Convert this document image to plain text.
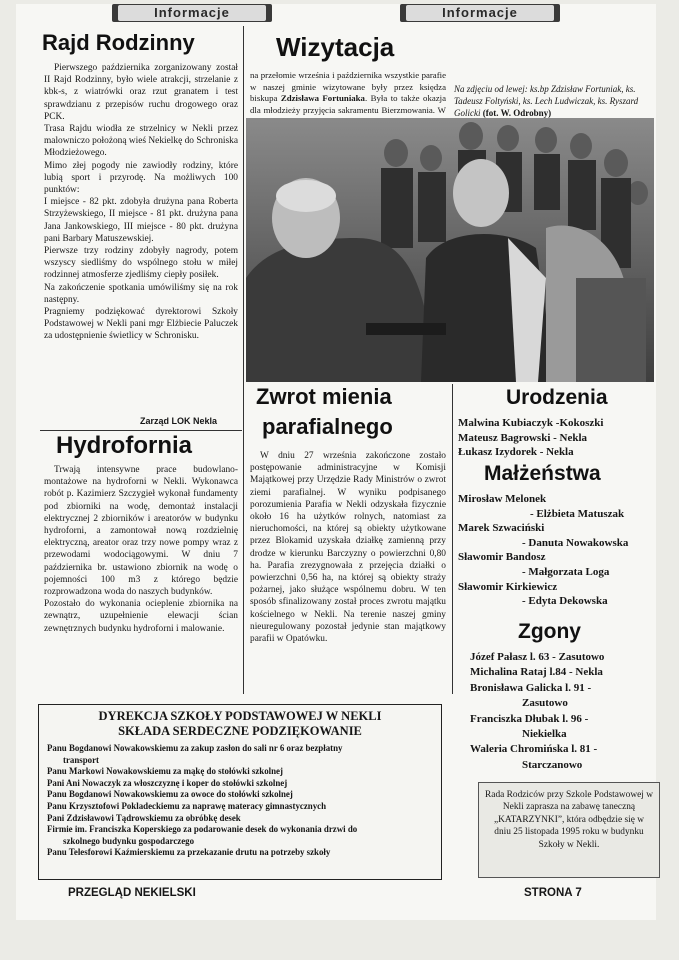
Informacje	Informacje
Rajd Rodzinny

Pierwszego października zorganizowany został II Rajd Rodzinny, było wiele atrakcji, strzelanie z kbk-s, z wiatrówki oraz rzut granatem i test sprawdzianu z przepisów ruchu drogowego oraz PCK.

Trasa Rajdu wiodła ze strzelnicy w Nekli przez malowniczo położoną wieś Nekielkę do Schroniska Młodzieżowego.

Mimo złej pogody nie zawiodły rodziny, które lubią sport i przyrodę. Na możliwych 100 punktów:

I miejsce - 82 pkt. zdobyła drużyna pana Roberta Strzyżewskiego, II miejsce - 81 pkt. drużyna pana Jana Jankowskiego, III miejsce - 80 pkt. drużyna pani Barbary Matuszewskiej.

Pierwsze trzy rodziny zdobyły nagrody, potem wszyscy siedliśmy do wspólnego stołu w miłej rodzinnej atmosferze zjedliśmy ciepły posiłek.

Na zakończenie spotkania umówiliśmy się na rok następny.

Pragniemy podziękować dyrektorowi Szkoły Podstawowej w Nekli pani mgr Elżbiecie Paluczek za udostępnienie świetlicy w Schronisku.

Zarząd LOK Nekla
Hydrofornia

Trwają intensywne prace budowlano-montażowe na hydroforni w Nekli. Wykonawca robót p. Kazimierz Szczygieł wykonał fundamenty pod zbiorniki na wodę, demontaż instalacji elektrycznej 2 zbiorników i areatorów w budynku hydroforni, a zamontował nową rozdzielnię elektryczną, areator oraz trzy nowe pompy wraz z przewodami wodociągowymi. W dniu 7 października br. ustawiono zbiornik na wodę o pojemności 100 m3 z którego będzie rozprowadzona woda do naszych budynków.

Pozostało do wykonania ocieplenie zbiornika na zewnątrz, uzupełnienie elewacji ścian zewnętrznych budynku hydroforni i malowanie.

Wizytacja

na przełomie września i października wszystkie parafie w naszej gminie wizytowane były przez księdza biskupa Zdzisława Fortuniaka. Była to także okazja dla młodzieży przyjęcia sakramentu Bierzmowania. W

Na zdjęciu od lewej: ks.bp Zdzisław Fortuniak, ks. Tadeusz Foltyński, ks. Lech Ludwiczak, ks. Ryszard Golicki (fot. W. Odrobny)
Zwrot mienia
parafialnego

W dniu 27 września zakończone zostało postępowanie administracyjne w Komisji Majątkowej przy Urzędzie Rady Ministrów o zwrot ziemi parafialnej. W wyniku podpisanego porozumienia Parafia w Nekli odzyskała fizycznie około 16 ha użytków rolnych, natomiast za nieruchomości, na której są obiekty użytkowane przez Blokamid uzyskała działkę zamienną przy drodze w kierunku Barczyzny o powierzchni 0,80 ha. Parafia zrezygnowała z przejęcia działki o powierzchni 0,56 ha, na której są obiekty straży pożarnej, jako służące wspólnemu dobru. W ten sposób sfinalizowany został proces zwrotu majątku kościelnego w Nekli. Na terenie naszej gminy nieuregulowany pozostał jedynie stan majątkowy parafii w Opatówku.

Urodzenia
Malwina Kubiaczyk -Kokoszki
Mateusz Bagrowski - Nekla
Łukasz Izydorek - Nekla
Małżeństwa
Mirosław Melonek
- Elżbieta Matuszak
Marek Szwaciński
- Danuta Nowakowska
Sławomir Bandosz
- Małgorzata Loga
Sławomir Kirkiewicz
- Edyta Dekowska
Zgony
Józef Pałasz l. 63 - Zasutowo
Michalina Rataj l.84 - Nekla
Bronisława Galicka l. 91 -
Zasutowo
Franciszka Dłubak l. 96 -
Niekielka
Waleria Chromińska l. 81 -
Starczanowo
DYREKCJA SZKOŁY PODSTAWOWEJ W NEKLI
SKŁADA SERDECZNE PODZIĘKOWANIE
Panu Bogdanowi Nowakowskiemu za zakup zasłon do sali nr 6 oraz bezpłatny
transport
Panu Markowi Nowakowskiemu za mąkę do stołówki szkolnej
Pani Ani Nowaczyk za włoszczyznę i koper do stołówki szkolnej
Panu Bogdanowi Nowakowskiemu za owoce do stołówki szkolnej
Panu Krzysztofowi Pokladeckiemu za naprawę materacy gimnastycznych
Pani Zdzisławowi Tądrowskiemu za obróbkę desek
Firmie im. Franciszka Koperskiego za podarowanie desek do wykonania drzwi do
szkolnego budynku gospodarczego
Panu Telesforowi Kaźmierskiemu za przekazanie drutu na potrzeby szkoły
Rada Rodziców przy Szkole Podstawowej w Nekli zaprasza na zabawę taneczną „KATARZYNKI”, która odbędzie się w dniu 25 listopada 1995 roku w budynku Szkoły w Nekli.
PRZEGLĄD NEKIELSKI	STRONA 7
